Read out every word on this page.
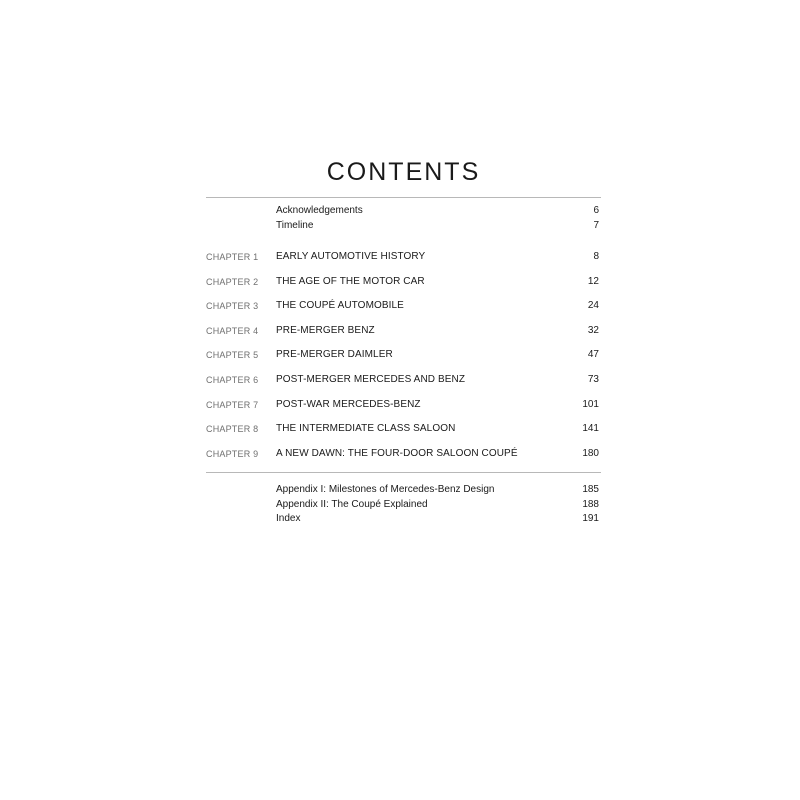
CONTENTS
Acknowledgements	6
Timeline	7
CHAPTER 1 EARLY AUTOMOTIVE HISTORY	8
CHAPTER 2 THE AGE OF THE MOTOR CAR	12
CHAPTER 3 THE COUPÉ AUTOMOBILE	24
CHAPTER 4 PRE-MERGER BENZ	32
CHAPTER 5 PRE-MERGER DAIMLER	47
CHAPTER 6 POST-MERGER MERCEDES AND BENZ	73
CHAPTER 7 POST-WAR MERCEDES-BENZ	101
CHAPTER 8 THE INTERMEDIATE CLASS SALOON	141
CHAPTER 9 A NEW DAWN: THE FOUR-DOOR SALOON COUPÉ	180
Appendix I: Milestones of Mercedes-Benz Design	185
Appendix II: The Coupé Explained	188
Index	191
